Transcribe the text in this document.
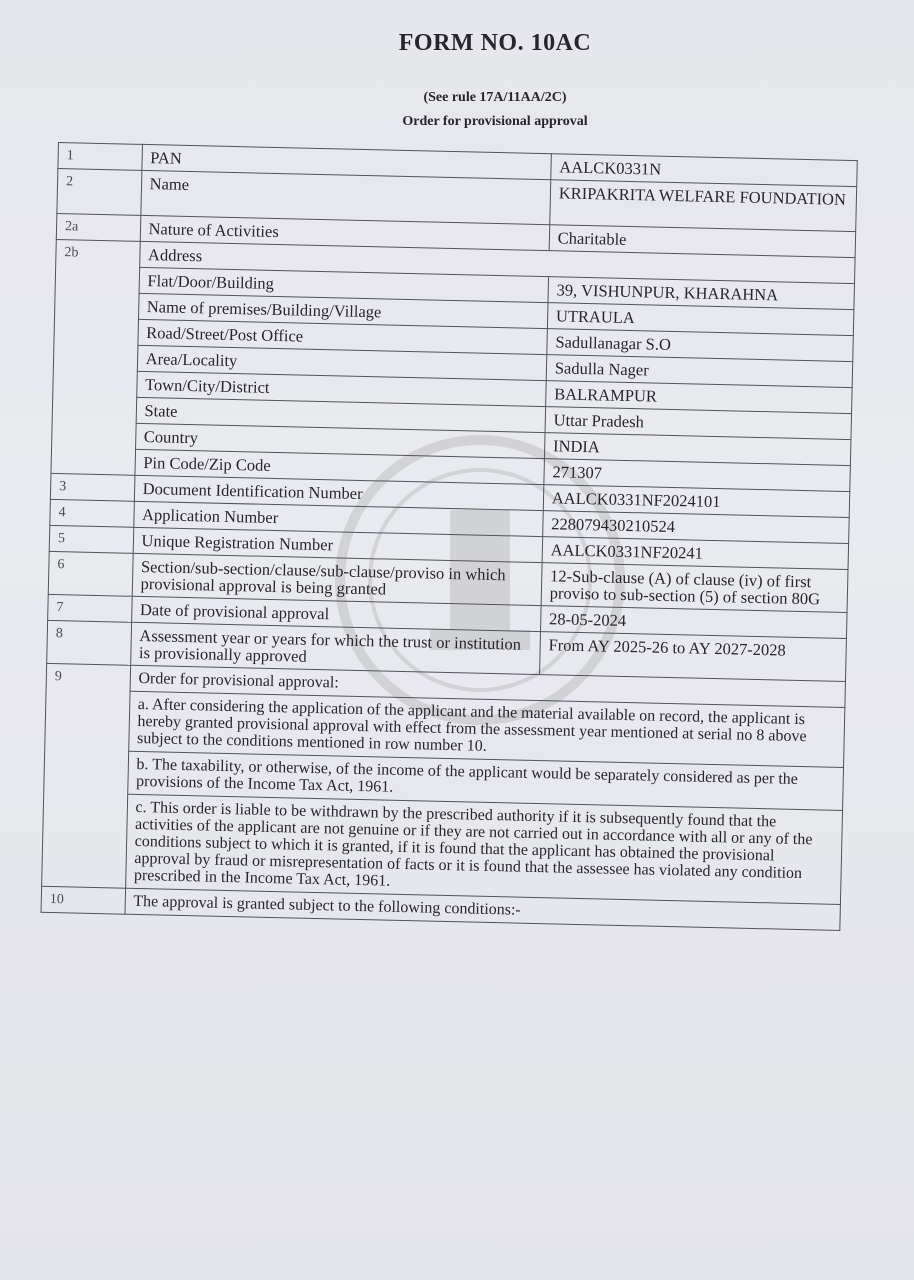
FORM NO. 10AC
(See rule 17A/11AA/2C)
Order for provisional approval
1	PAN	AALCK0331N
2	Name	KRIPAKRITA WELFARE FOUNDATION
2a	Nature of Activities	Charitable
2b	Address	
	Flat/Door/Building	39, VISHUNPUR, KHARAHNA
	Name of premises/Building/Village	UTRAULA
	Road/Street/Post Office	Sadullanagar S.O
	Area/Locality	Sadulla Nager
	Town/City/District	BALRAMPUR
	State	Uttar Pradesh
	Country	INDIA
	Pin Code/Zip Code	271307
3	Document Identification Number	AALCK0331NF2024101
4	Application Number	228079430210524
5	Unique Registration Number	AALCK0331NF20241
6	Section/sub-section/clause/sub-clause/proviso in which provisional approval is being granted	12-Sub-clause (A) of clause (iv) of first proviso to sub-section (5) of section 80G
7	Date of provisional approval	28-05-2024
8	Assessment year or years for which the trust or institution is provisionally approved	From AY 2025-26 to AY 2027-2028
9	Order for provisional approval:	
	a. After considering the application of the applicant and the material available on record, the applicant is hereby granted provisional approval with effect from the assessment year mentioned at serial no 8 above subject to the conditions mentioned in row number 10.	
	b. The taxability, or otherwise, of the income of the applicant would be separately considered as per the provisions of the Income Tax Act, 1961.	
	c. This order is liable to be withdrawn by the prescribed authority if it is subsequently found that the activities of the applicant are not genuine or if they are not carried out in accordance with all or any of the conditions subject to which it is granted, if it is found that the applicant has obtained the provisional approval by fraud or misrepresentation of facts or it is found that the assessee has violated any condition prescribed in the Income Tax Act, 1961.	
10	The approval is granted subject to the following conditions:-	
